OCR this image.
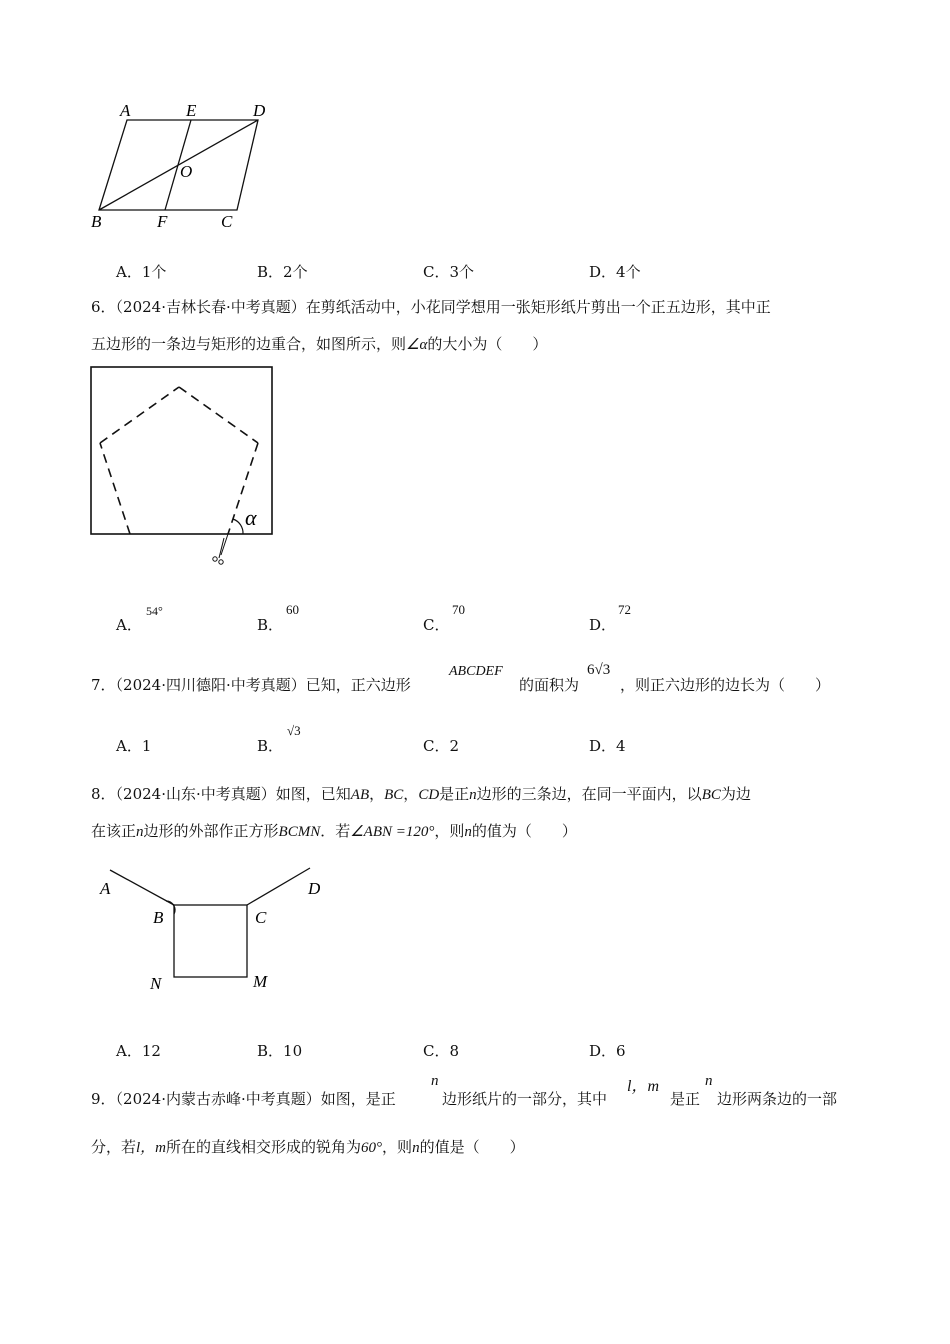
A	E	D
O
B	F	C
A．1个	B．2个	C．3个	D．4个
6．（2024·吉林长春·中考真题）在剪纸活动中，小花同学想用一张矩形纸片剪出一个正五边形，其中正
五边形的一条边与矩形的边重合，如图所示，则∠α的大小为（　　）
α
A．
54°
B．
60
C．
70
D．
72
7．（2024·四川德阳·中考真题）已知，正六边形
ABCDEF
的面积为
6√3
，则正六边形的边长为（　　）
A．1	B．
√3
C．2	D．4
8．（2024·山东·中考真题）如图，已知AB，BC，CD是正n边形的三条边，在同一平面内，以BC为边
在该正n边形的外部作正方形BCMN．若∠ABN =120°，则n的值为（　　）
A
B	C
D
N	M
A．12	B．10	C．8	D．6
9．（2024·内蒙古赤峰·中考真题）如图，是正
n
边形纸片的一部分，其中
l，m
是正
n
边形两条边的一部
分，若l，m所在的直线相交形成的锐角为60°，则n的值是（　　）
